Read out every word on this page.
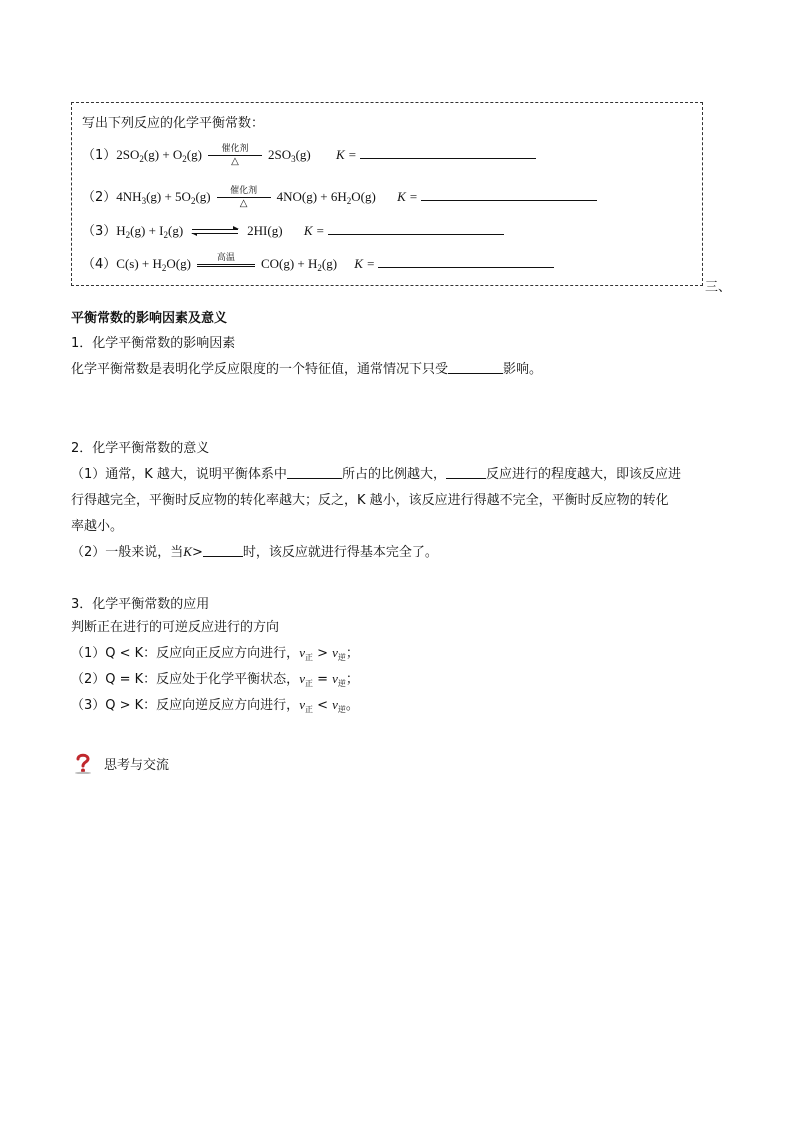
写出下列反应的化学平衡常数：
$(1)2SO_2(g) + O_2(g)$	催化剂
△	$2SO_3(g) K$ =
$(2)4NH_3(g) + 5O_2(g)$	催化剂
△	$4NO(g) + 6H_2O(g) K$ =
$(3)H_2(g) + I_2(g)$	2HI(g) K =
$(4)C(s) + H_2O(g)$	高温	$CO(g) + H_2(g) K$ =
三、
平衡常数的影响因素及意义
1．化学平衡常数的影响因素
化学平衡常数是表明化学反应限度的一个特征值，通常情况下只受	影响。
2．化学平衡常数的意义
（1）通常，K 越大，说明平衡体系中	所占的比例越大，	反应进行的程度越大，即该反应进
行得越完全，平衡时反应物的转化率越大；反之，K 越小，该反应进行得越不完全，平衡时反应物的转化
率越小。
（2）一般来说，当K>	时，该反应就进行得基本完全了。
3．化学平衡常数的应用
判断正在进行的可逆反应进行的方向
（1）Q < K：反应向正反应方向进行，$v_正 > v_逆$；
（2）Q = K：反应处于化学平衡状态，$v_正 = v_逆$；
（3）Q > K：反应向逆反应方向进行，$v_正 < v_逆$。
思考与交流
